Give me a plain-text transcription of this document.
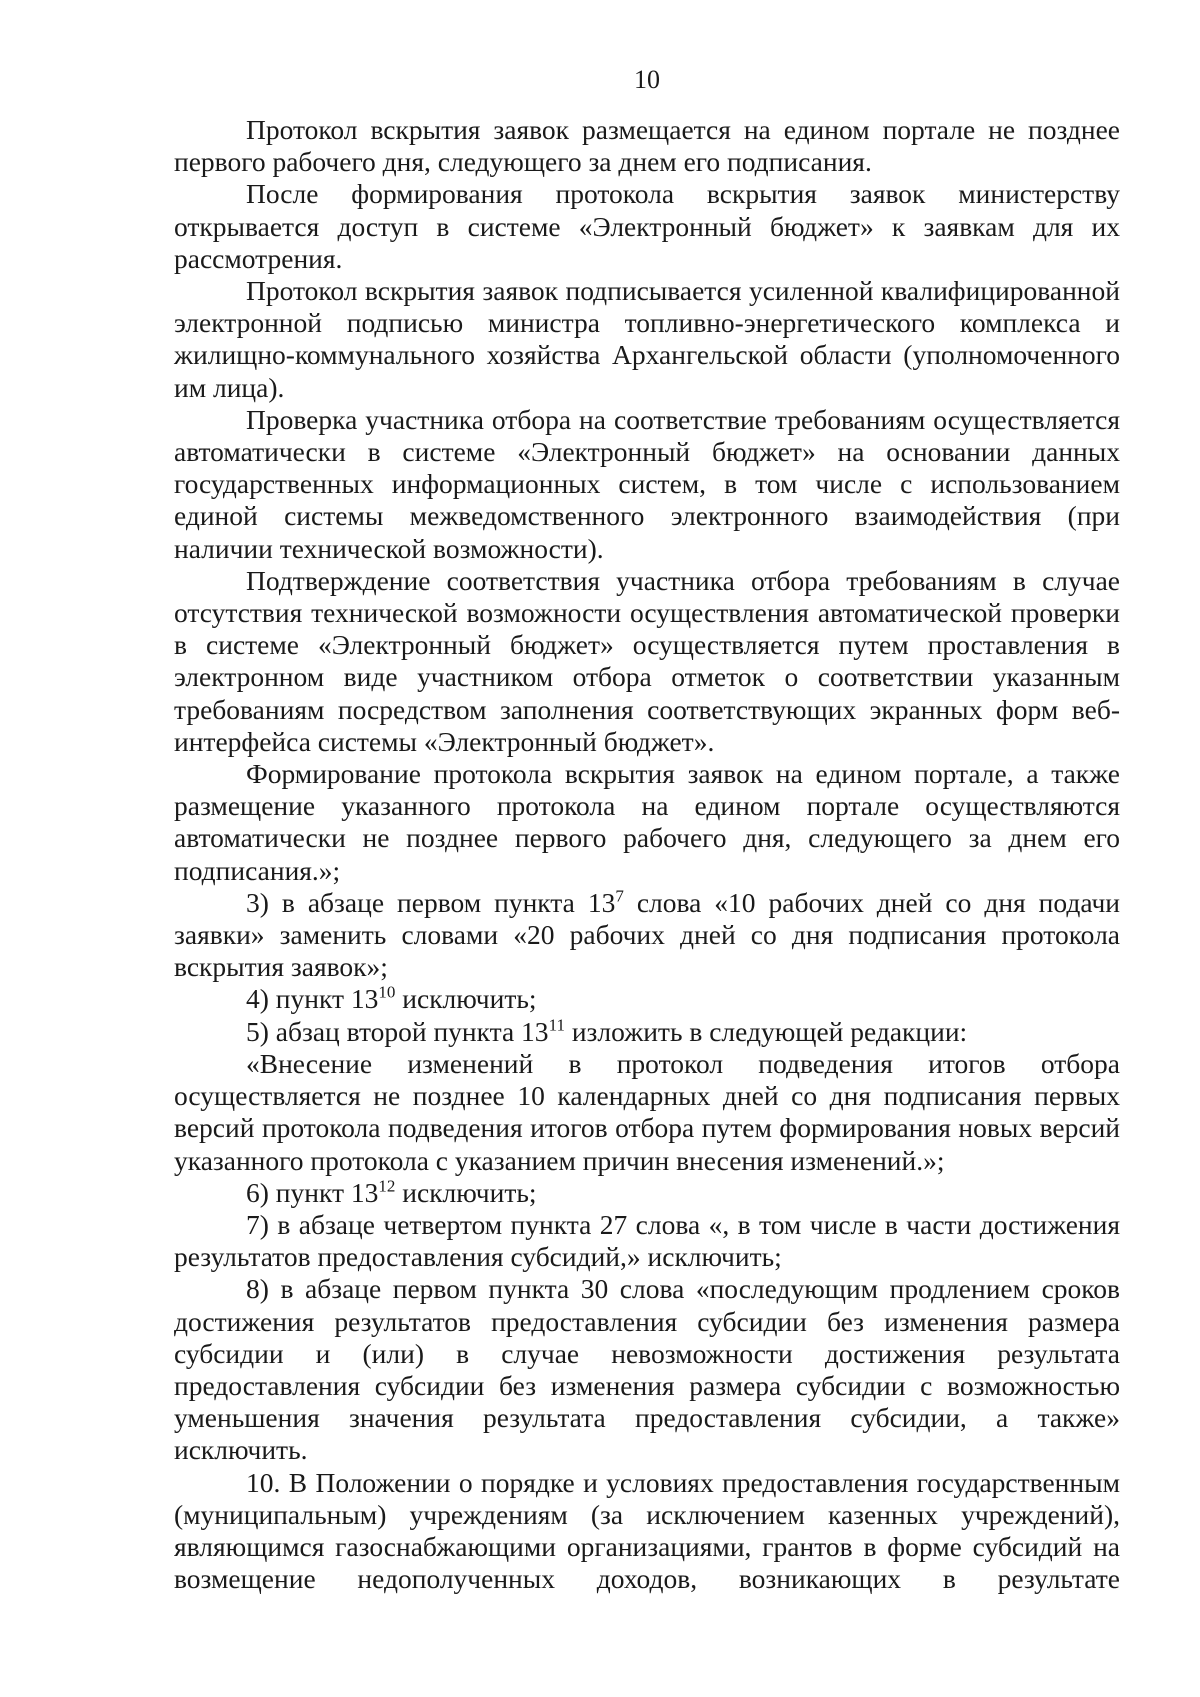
10

Протокол вскрытия заявок размещается на едином портале не позднее первого рабочего дня, следующего за днем его подписания.

После формирования протокола вскрытия заявок министерству открывается доступ в системе «Электронный бюджет» к заявкам для их рассмотрения.

Протокол вскрытия заявок подписывается усиленной квалифицированной электронной подписью министра топливно-энергетического комплекса и жилищно-коммунального хозяйства Архангельской области (уполномоченного им лица).

Проверка участника отбора на соответствие требованиям осуществляется автоматически в системе «Электронный бюджет» на основании данных государственных информационных систем, в том числе с использованием единой системы межведомственного электронного взаимодействия (при наличии технической возможности).

Подтверждение соответствия участника отбора требованиям в случае отсутствия технической возможности осуществления автоматической проверки в системе «Электронный бюджет» осуществляется путем проставления в электронном виде участником отбора отметок о соответствии указанным требованиям посредством заполнения соответствующих экранных форм веб-интерфейса системы «Электронный бюджет».

Формирование протокола вскрытия заявок на едином портале, а также размещение указанного протокола на едином портале осуществляются автоматически не позднее первого рабочего дня, следующего за днем его подписания.»;

3) в абзаце первом пункта $13^7$ слова «10 рабочих дней со дня подачи заявки» заменить словами «20 рабочих дней со дня подписания протокола вскрытия заявок»;

4) пункт $13^{10}$ исключить;

5) абзац второй пункта $13^{11}$ изложить в следующей редакции:

«Внесение изменений в протокол подведения итогов отбора осуществляется не позднее 10 календарных дней со дня подписания первых версий протокола подведения итогов отбора путем формирования новых версий указанного протокола с указанием причин внесения изменений.»;

6) пункт $13^{12}$ исключить;

7) в абзаце четвертом пункта 27 слова «, в том числе в части достижения результатов предоставления субсидий,» исключить;

8) в абзаце первом пункта 30 слова «последующим продлением сроков достижения результатов предоставления субсидии без изменения размера субсидии и (или) в случае невозможности достижения результата предоставления субсидии без изменения размера субсидии с возможностью уменьшения значения результата предоставления субсидии, а также» исключить.

10. В Положении о порядке и условиях предоставления государственным (муниципальным) учреждениям (за исключением казенных учреждений), являющимся газоснабжающими организациями, грантов в форме субсидий на возмещение недополученных доходов, возникающих в результате
